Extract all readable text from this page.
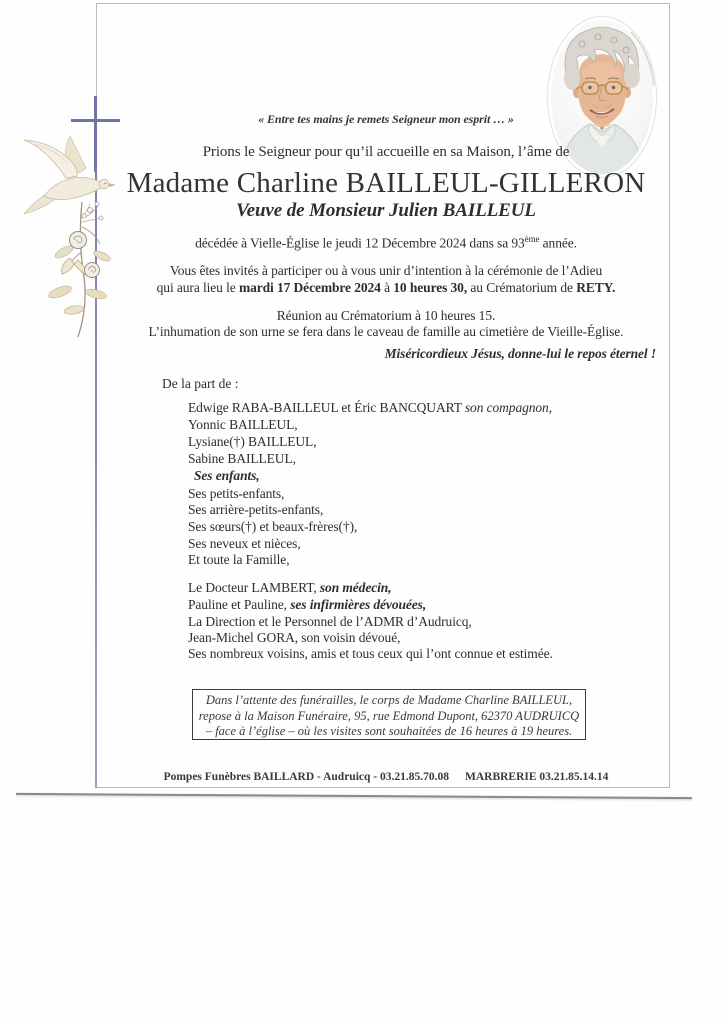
« Entre tes mains je remets Seigneur mon esprit … »
Prions le Seigneur pour qu’il accueille en sa Maison, l’âme de
Madame Charline BAILLEUL-GILLERON
Veuve de Monsieur Julien BAILLEUL
décédée à Vielle-Église le jeudi 12 Décembre 2024 dans sa 93ème année.
Vous êtes invités à participer ou à vous unir d’intention à la cérémonie de l’Adieu
qui aura lieu le mardi 17 Décembre 2024 à 10 heures 30, au Crématorium de RETY.
Réunion au Crématorium à 10 heures 15.
L’inhumation de son urne se fera dans le caveau de famille au cimetière de Vieille-Église.
Miséricordieux Jésus, donne-lui le repos éternel !
De la part de :
Edwige RABA-BAILLEUL et Éric BANCQUART son compagnon,
Yonnic BAILLEUL,
Lysiane(†) BAILLEUL,
Sabine BAILLEUL,
Ses enfants,
Ses petits-enfants,
Ses arrière-petits-enfants,
Ses sœurs(†) et beaux-frères(†),
Ses neveux et nièces,
Et toute la Famille,
Le Docteur LAMBERT, son médecin,
Pauline et Pauline, ses infirmières dévouées,
La Direction et le Personnel de l’ADMR d’Audruicq,
Jean-Michel GORA, son voisin dévoué,
Ses nombreux voisins, amis et tous ceux qui l’ont connue et estimée.
Dans l’attente des funérailles, le corps de Madame Charline BAILLEUL,
repose à la Maison Funéraire, 95, rue Edmond Dupont, 62370 AUDRUICQ
– face à l’église – où les visites sont souhaitées de 16 heures à 19 heures.
Pompes Funèbres BAILLARD - Audruicq - 03.21.85.70.08 MARBRERIE 03.21.85.14.14
